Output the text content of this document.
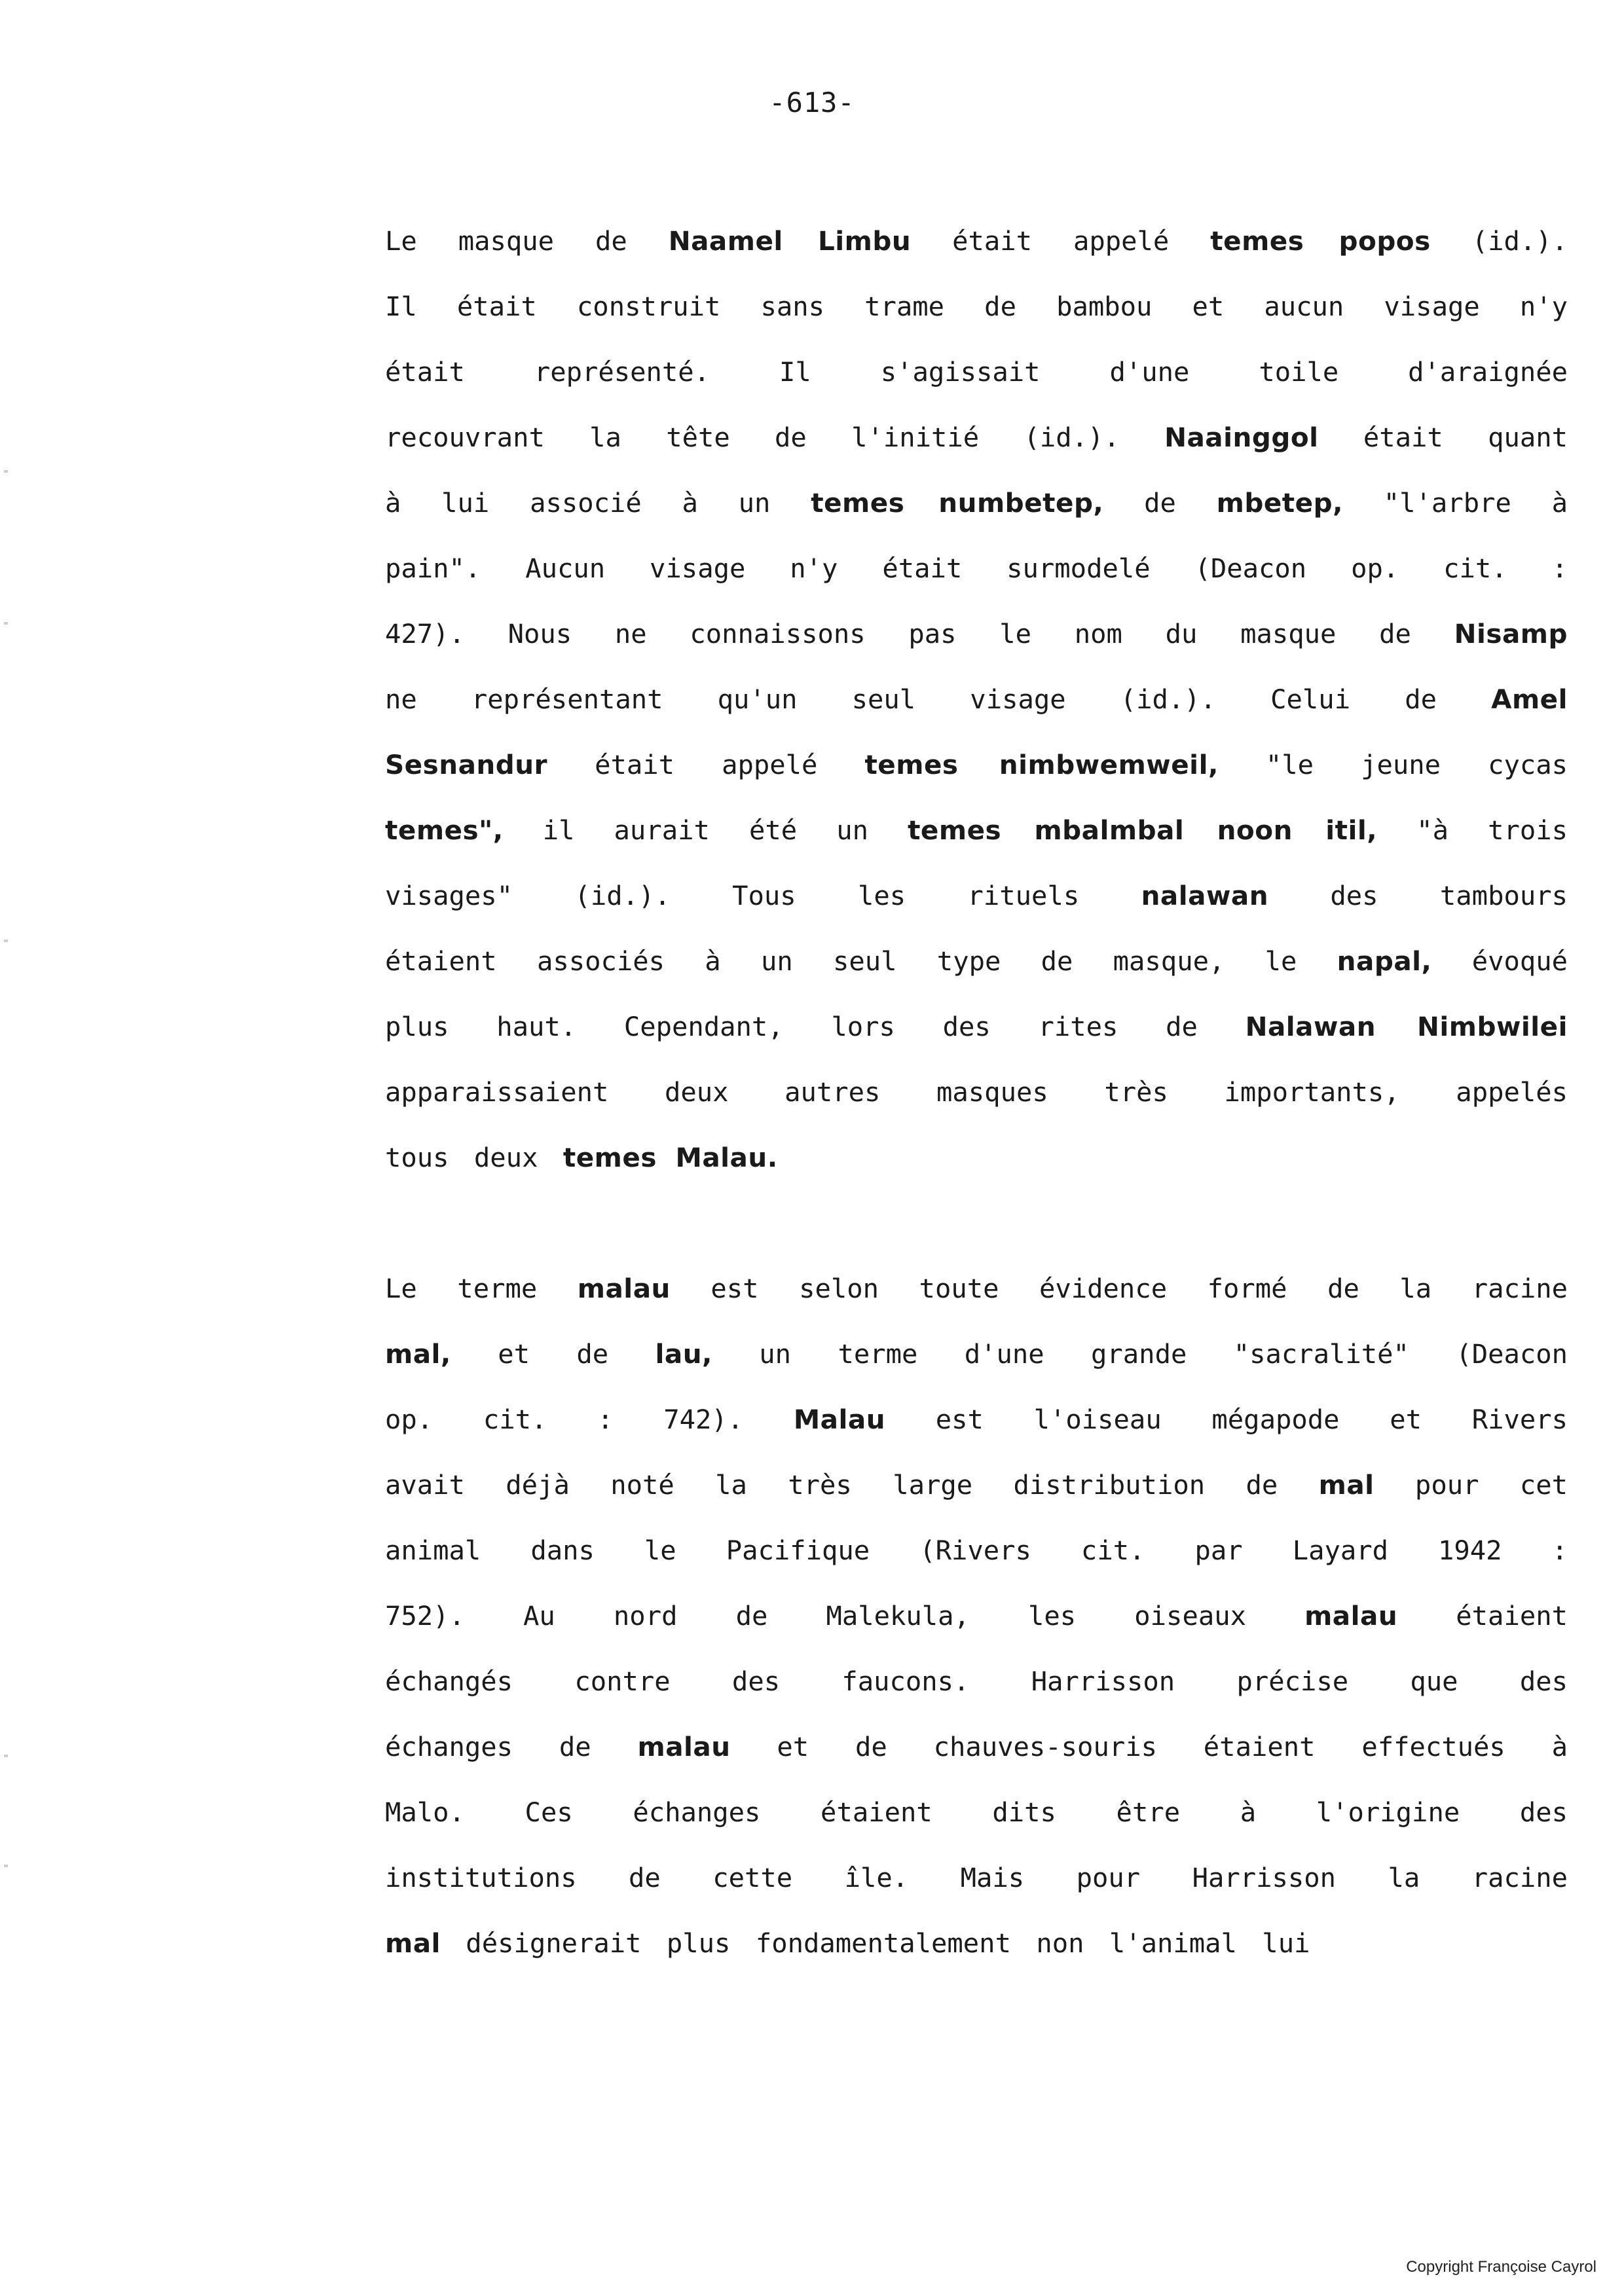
-613-
Le masque de Naamel Limbu était appelé temes popos (id.).
Il était construit sans trame de bambou et aucun visage n'y
était représenté. Il s'agissait d'une toile d'araignée
recouvrant la tête de l'initié (id.). Naainggol était quant
à lui associé à un temes numbetep, de mbetep, "l'arbre à
pain". Aucun visage n'y était surmodelé (Deacon op. cit. :
427). Nous ne connaissons pas le nom du masque de Nisamp
ne représentant qu'un seul visage (id.). Celui de Amel
Sesnandur était appelé temes nimbwemweil, "le jeune cycas
temes", il aurait été un temes mbalmbal noon itil, "à trois
visages" (id.). Tous les rituels nalawan des tambours
étaient associés à un seul type de masque, le napal, évoqué
plus haut. Cependant, lors des rites de Nalawan Nimbwilei
apparaissaient deux autres masques très importants, appelés
tous deux temes Malau.
Le terme malau est selon toute évidence formé de la racine
mal, et de lau, un terme d'une grande "sacralité" (Deacon
op. cit. : 742). Malau est l'oiseau mégapode et Rivers
avait déjà noté la très large distribution de mal pour cet
animal dans le Pacifique (Rivers cit. par Layard 1942 :
752). Au nord de Malekula, les oiseaux malau étaient
échangés contre des faucons. Harrisson précise que des
échanges de malau et de chauves-souris étaient effectués à
Malo. Ces échanges étaient dits être à l'origine des
institutions de cette île. Mais pour Harrisson la racine
mal désignerait plus fondamentalement non l'animal lui
Copyright Françoise Cayrol
